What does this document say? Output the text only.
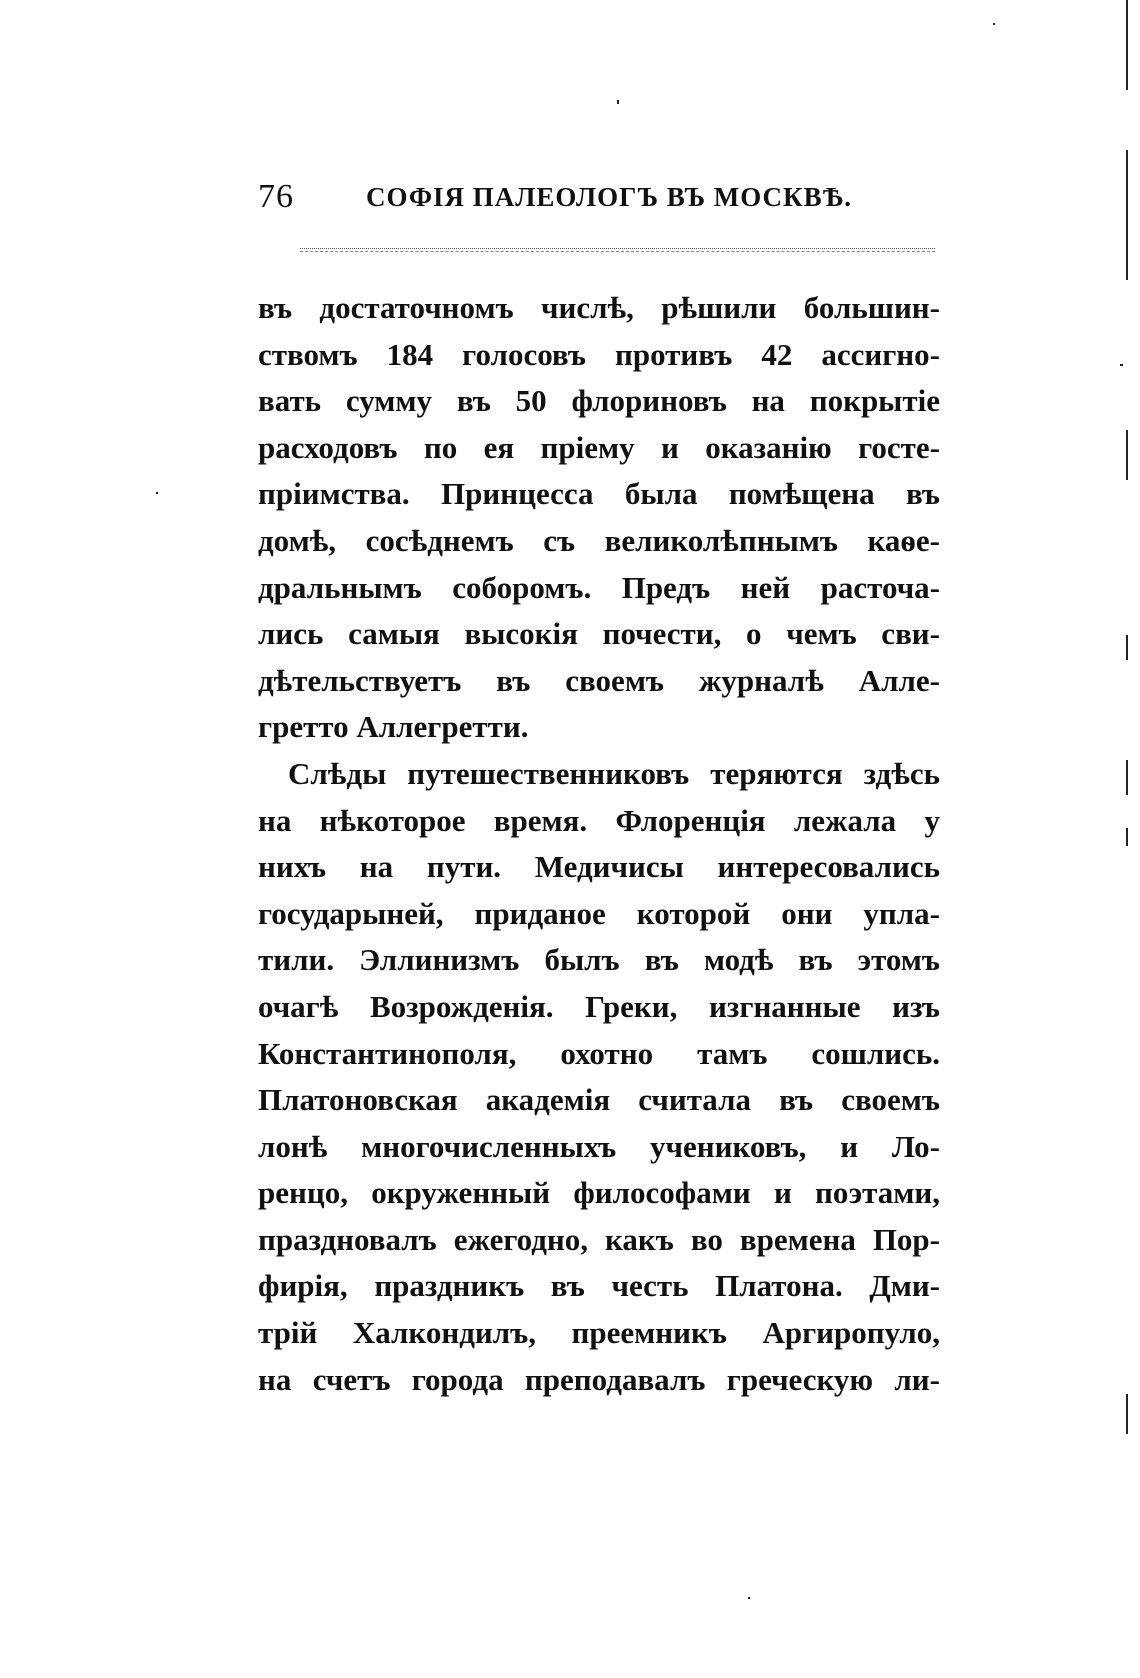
76	СОФІЯ ПАЛЕОЛОГЪ ВЪ МОСКВѢ.
въ достаточномъ числѣ, рѣшили большин-
ствомъ 184 голосовъ противъ 42 ассигно-
вать сумму въ 50 флориновъ на покрытіе
расходовъ по ея пріему и оказанію госте-
пріимства. Принцесса была помѣщена въ
домѣ, сосѣднемъ съ великолѣпнымъ каѳе-
дральнымъ соборомъ. Предъ ней расточа-
лись самыя высокія почести, о чемъ сви-
дѣтельствуетъ въ своемъ журналѣ Алле-
гретто Аллегретти.
Слѣды путешественниковъ теряются здѣсь
на нѣкоторое время. Флоренція лежала у
нихъ на пути. Медичисы интересовались
государыней, приданое которой они упла-
тили. Эллинизмъ былъ въ модѣ въ этомъ
очагѣ Возрожденія. Греки, изгнанные изъ
Константинополя, охотно тамъ сошлись.
Платоновская академія считала въ своемъ
лонѣ многочисленныхъ учениковъ, и Ло-
ренцо, окруженный философами и поэтами,
праздновалъ ежегодно, какъ во времена Пор-
фирія, праздникъ въ честь Платона. Дми-
трій Халкондилъ, преемникъ Аргиропуло,
на счетъ города преподавалъ греческую ли-
